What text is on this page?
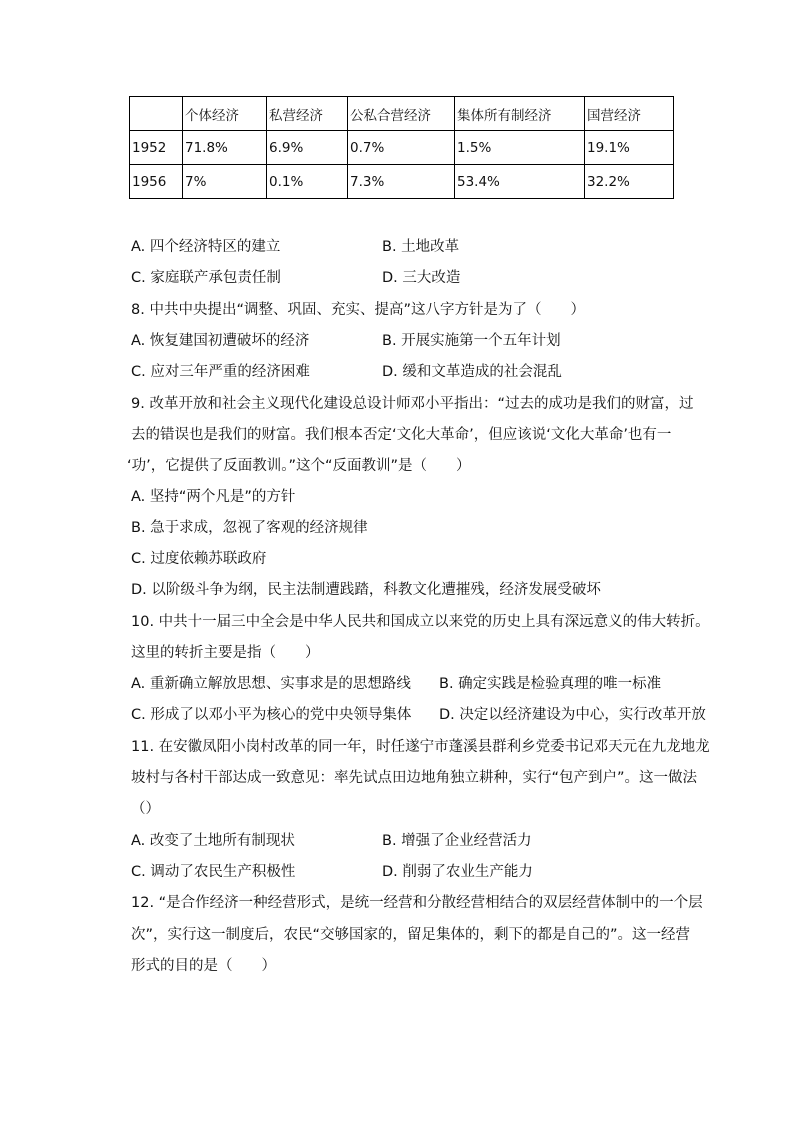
	个体经济	私营经济	公私合营经济	集体所有制经济	国营经济
1952	71.8%	6.9%	0.7%	1.5%	19.1%
1956	7%	0.1%	7.3%	53.4%	32.2%
A. 四个经济特区的建立	B. 土地改革
C. 家庭联产承包责任制	D. 三大改造
8. 中共中央提出“调整、巩固、充实、提高”这八字方针是为了（　　）
A. 恢复建国初遭破坏的经济	B. 开展实施第一个五年计划
C. 应对三年严重的经济困难	D. 缓和文革造成的社会混乱
9. 改革开放和社会主义现代化建设总设计师邓小平指出：“过去的成功是我们的财富，过
去的错误也是我们的财富。我们根本否定‘文化大革命’，但应该说‘文化大革命’也有一
‘功’，它提供了反面教训。”这个“反面教训”是（　　）
A. 坚持“两个凡是”的方针
B. 急于求成，忽视了客观的经济规律
C. 过度依赖苏联政府
D. 以阶级斗争为纲，民主法制遭践踏，科教文化遭摧残，经济发展受破坏
10. 中共十一届三中全会是中华人民共和国成立以来党的历史上具有深远意义的伟大转折。
这里的转折主要是指（　　）
A. 重新确立解放思想、实事求是的思想路线 B. 确定实践是检验真理的唯一标准
C. 形成了以邓小平为核心的党中央领导集体 D. 决定以经济建设为中心，实行改革开放
11. 在安徽凤阳小岗村改革的同一年，时任遂宁市蓬溪县群利乡党委书记邓天元在九龙地龙
坡村与各村干部达成一致意见：率先试点田边地角独立耕种，实行“包产到户”。这一做法
（）
A. 改变了土地所有制现状	B. 增强了企业经营活力
C. 调动了农民生产积极性	D. 削弱了农业生产能力
12. “是合作经济一种经营形式，是统一经营和分散经营相结合的双层经营体制中的一个层
次”，实行这一制度后，农民“交够国家的，留足集体的，剩下的都是自己的”。这一经营
形式的目的是（　　）
